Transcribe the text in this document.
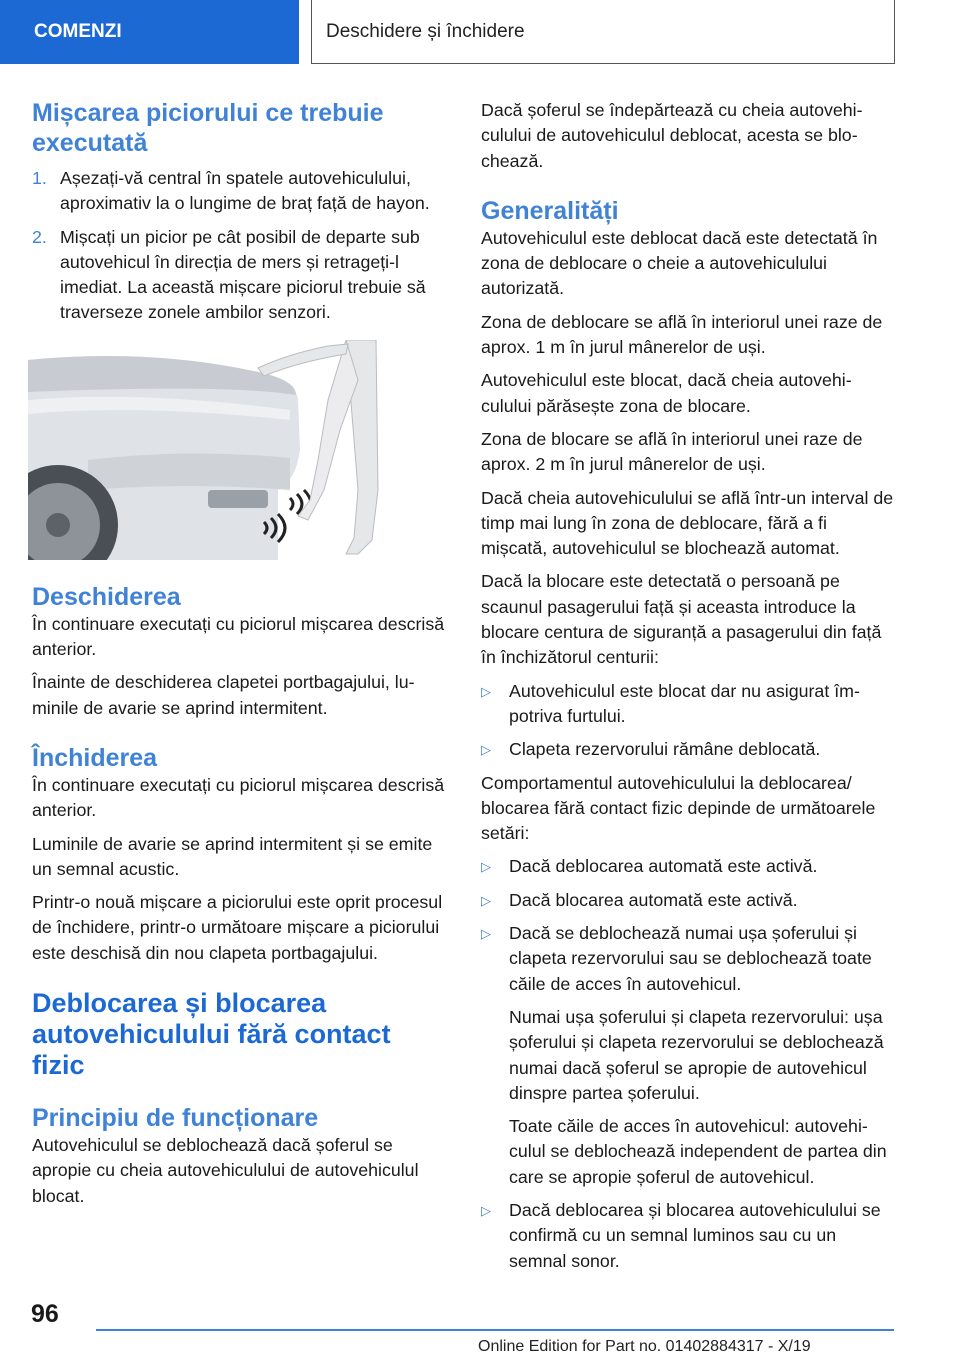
COMENZI	Deschidere și închidere
Mișcarea piciorului ce trebuie executată
1. Așezați-vă central în spatele autovehiculului, aproximativ la o lungime de braț față de hayon.

2. Mișcați un picior pe cât posibil de departe sub autovehicul în direcția de mers și retrageți-l imediat. La această mișcare piciorul trebuie să traverseze zonele ambilor senzori.

Deschiderea

În continuare executați cu piciorul mișcarea descrisă anterior.

Înainte de deschiderea clapetei portbagajului, luminile de avarie se aprind intermitent.

Închiderea

În continuare executați cu piciorul mișcarea descrisă anterior.

Luminile de avarie se aprind intermitent și se emite un semnal acustic.

Printr-o nouă mișcare a piciorului este oprit procesul de închidere, printr-o următoare mișcare a piciorului este deschisă din nou clapeta portbagajului.

Deblocarea și blocarea autovehiculului fără contact fizic
Principiu de funcționare

Autovehiculul se deblochează dacă șoferul se apropie cu cheia autovehiculului de autovehiculul blocat.

Dacă șoferul se îndepărtează cu cheia autovehiculului de autovehiculul deblocat, acesta se blochează.

Generalități

Autovehiculul este deblocat dacă este detectată în zona de deblocare o cheie a autovehiculului autorizată.

Zona de deblocare se află în interiorul unei raze de aprox. 1 m în jurul mânerelor de uși.

Autovehiculul este blocat, dacă cheia autovehiculului părăsește zona de blocare.

Zona de blocare se află în interiorul unei raze de aprox. 2 m în jurul mânerelor de uși.

Dacă cheia autovehiculului se află într-un interval de timp mai lung în zona de deblocare, fără a fi mișcată, autovehiculul se blochează automat.

Dacă la blocare este detectată o persoană pe scaunul pasagerului față și aceasta introduce la blocare centura de siguranță a pasagerului din față în închizătorul centurii:

▷	Autovehiculul este blocat dar nu asigurat împotriva furtului.

▷	Clapeta rezervorului rămâne deblocată.

Comportamentul autovehiculului la deblocarea/ blocarea fără contact fizic depinde de următoarele setări:

▷	Dacă deblocarea automată este activă.

▷	Dacă blocarea automată este activă.

▷	Dacă se deblochează numai ușa șoferului și clapeta rezervorului sau se deblochează toate căile de acces în autovehicul.

Numai ușa șoferului și clapeta rezervorului: ușa șoferului și clapeta rezervorului se deblochează numai dacă șoferul se apropie de autovehicul dinspre partea șoferului.

Toate căile de acces în autovehicul: autovehiculul se deblochează independent de partea din care se apropie șoferul de autovehicul.

▷	Dacă deblocarea și blocarea autovehiculului se confirmă cu un semnal luminos sau cu un semnal sonor.

96
Online Edition for Part no. 01402884317 - X/19
